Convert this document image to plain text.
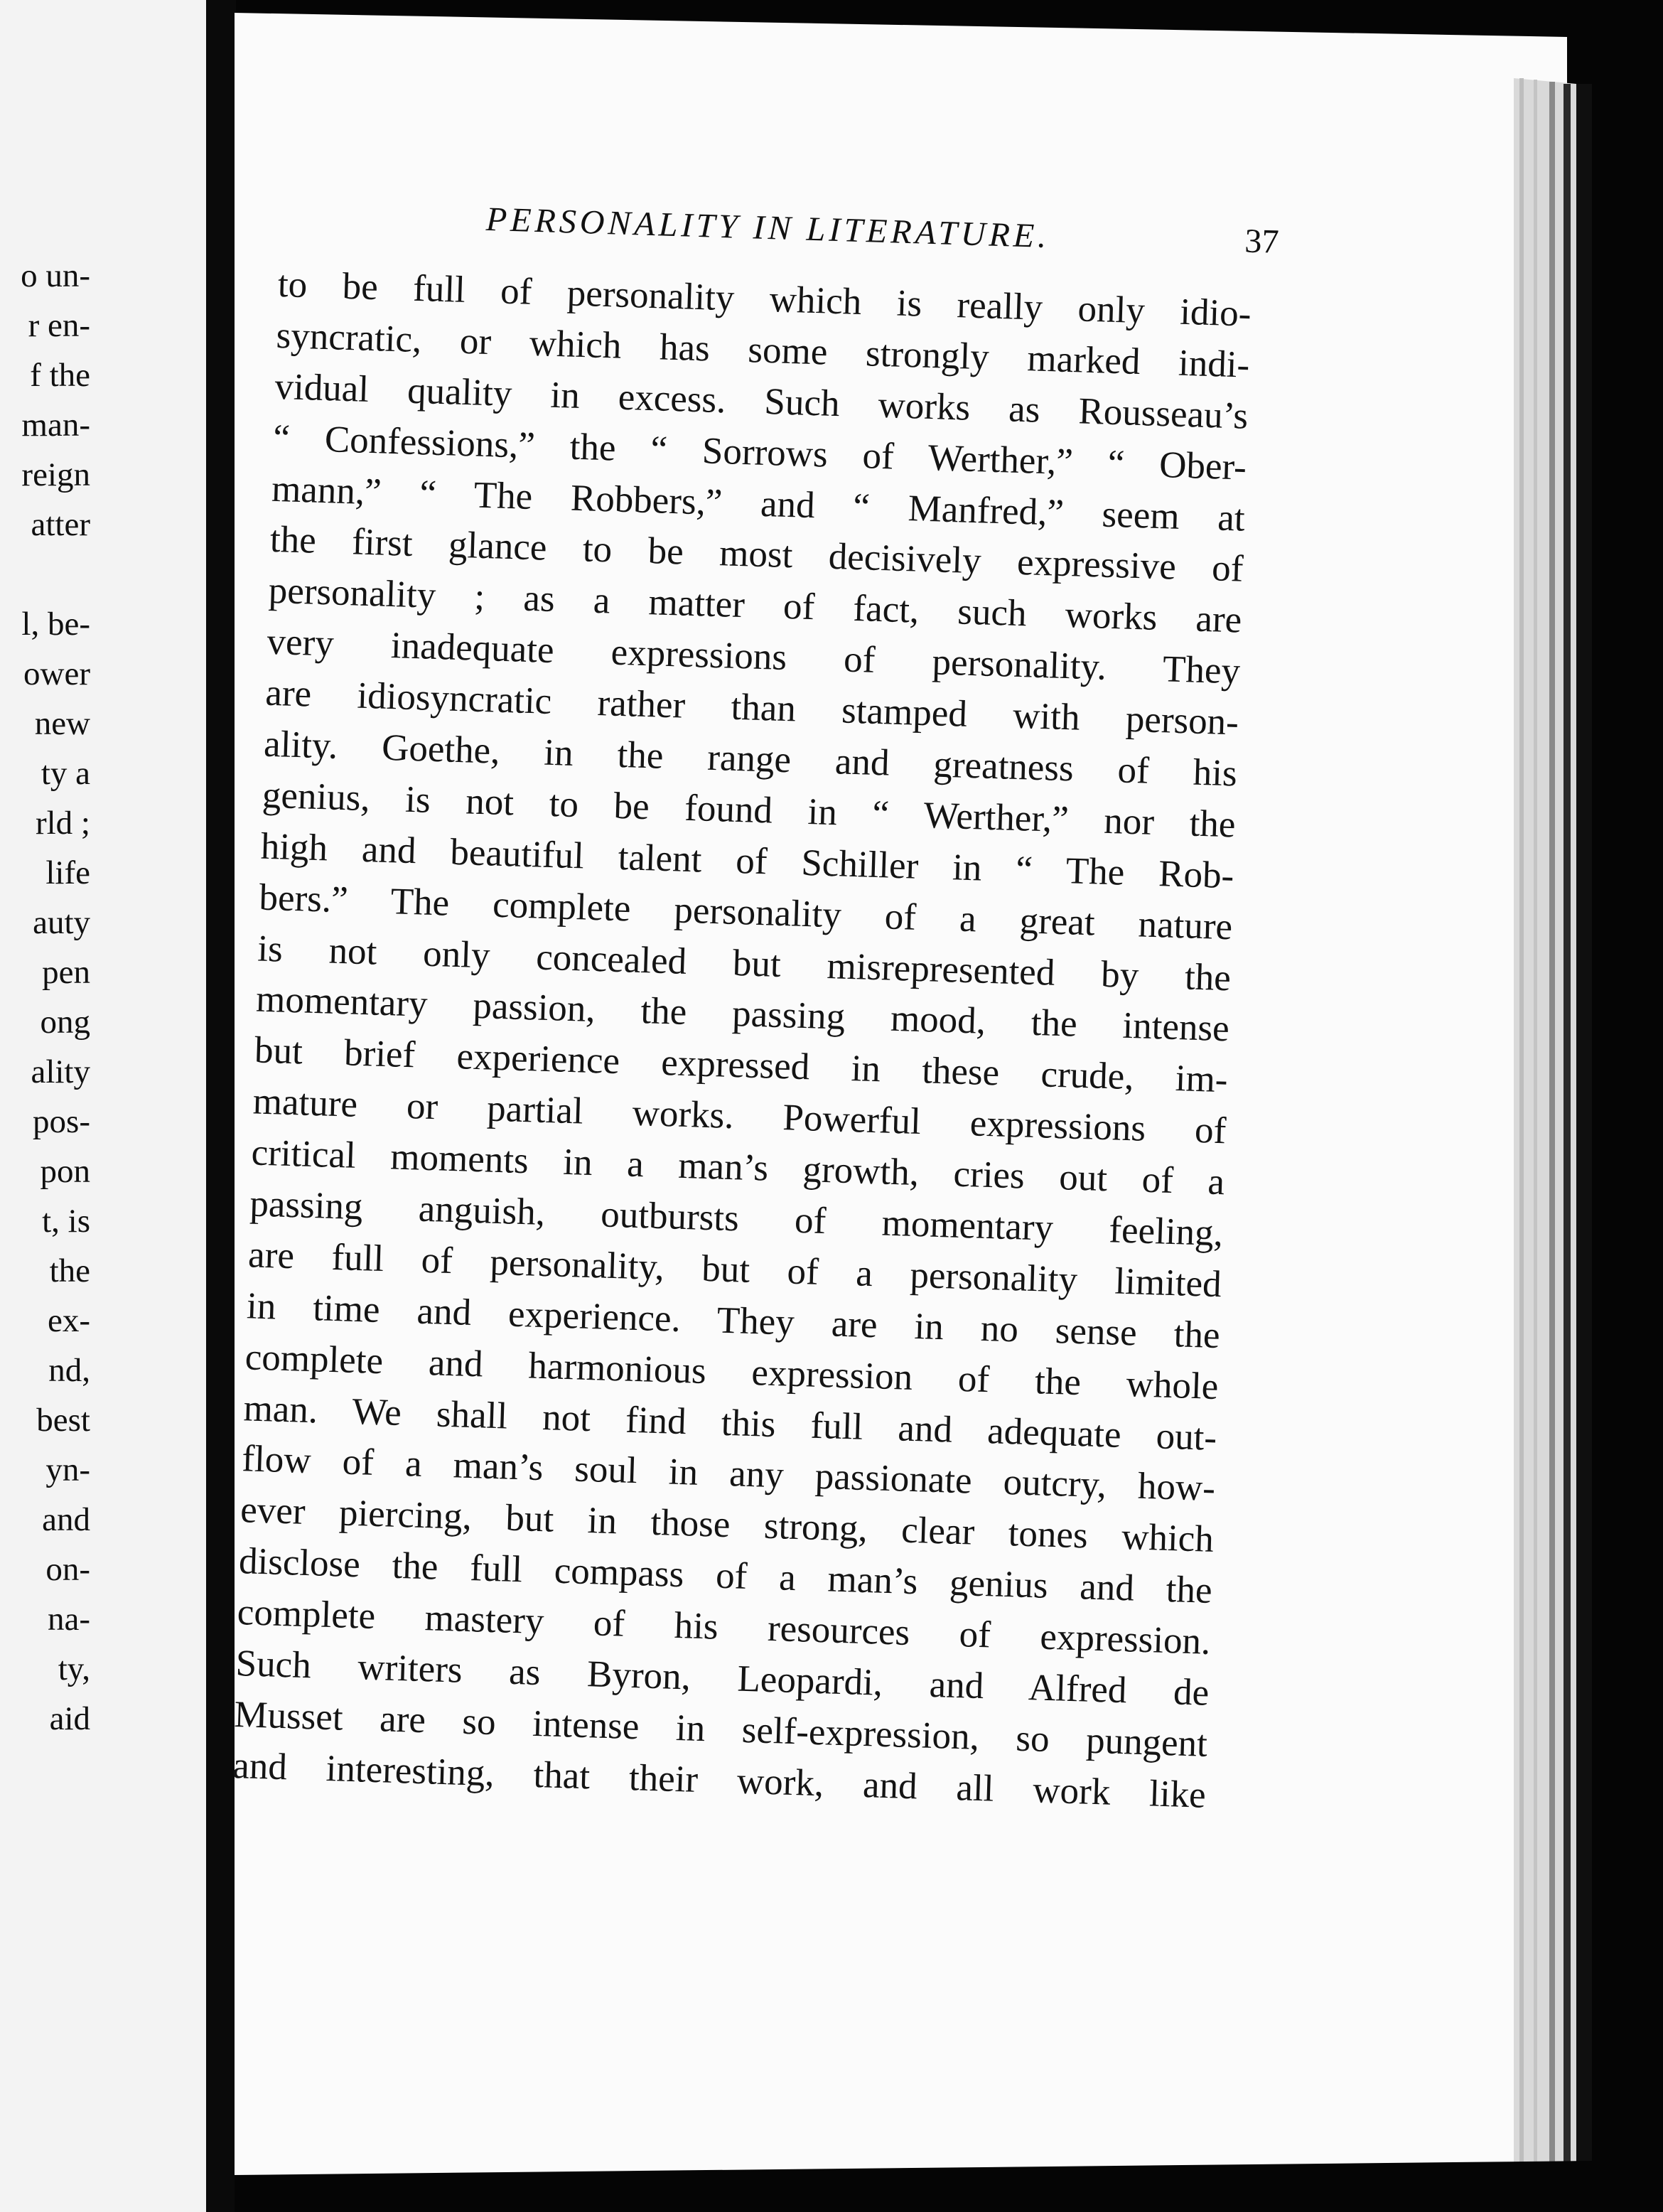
o un-
r en-
f the
man-
reign
atter
l, be-
ower
new
ty a
rld ;
life
auty
pen
ong
ality
pos-
pon
t, is
the
ex-
nd,
best
yn-
and
on-
na-
ty,
aid
PERSONALITY IN LITERATURE.	37
to be full of personality which is really only idio-
syncratic, or which has some strongly marked indi-
vidual quality in excess. Such works as Rousseau’s
“ Confessions,” the “ Sorrows of Werther,” “ Ober-
mann,” “ The Robbers,” and “ Manfred,” seem at
the first glance to be most decisively expressive of
personality ; as a matter of fact, such works are
very inadequate expressions of personality. They
are idiosyncratic rather than stamped with person-
ality. Goethe, in the range and greatness of his
genius, is not to be found in “ Werther,” nor the
high and beautiful talent of Schiller in “ The Rob-
bers.” The complete personality of a great nature
is not only concealed but misrepresented by the
momentary passion, the passing mood, the intense
but brief experience expressed in these crude, im-
mature or partial works. Powerful expressions of
critical moments in a man’s growth, cries out of a
passing anguish, outbursts of momentary feeling,
are full of personality, but of a personality limited
in time and experience. They are in no sense the
complete and harmonious expression of the whole
man. We shall not find this full and adequate out-
flow of a man’s soul in any passionate outcry, how-
ever piercing, but in those strong, clear tones which
disclose the full compass of a man’s genius and the
complete mastery of his resources of expression.
Such writers as Byron, Leopardi, and Alfred de
Musset are so intense in self-expression, so pungent
and interesting, that their work, and all work like
